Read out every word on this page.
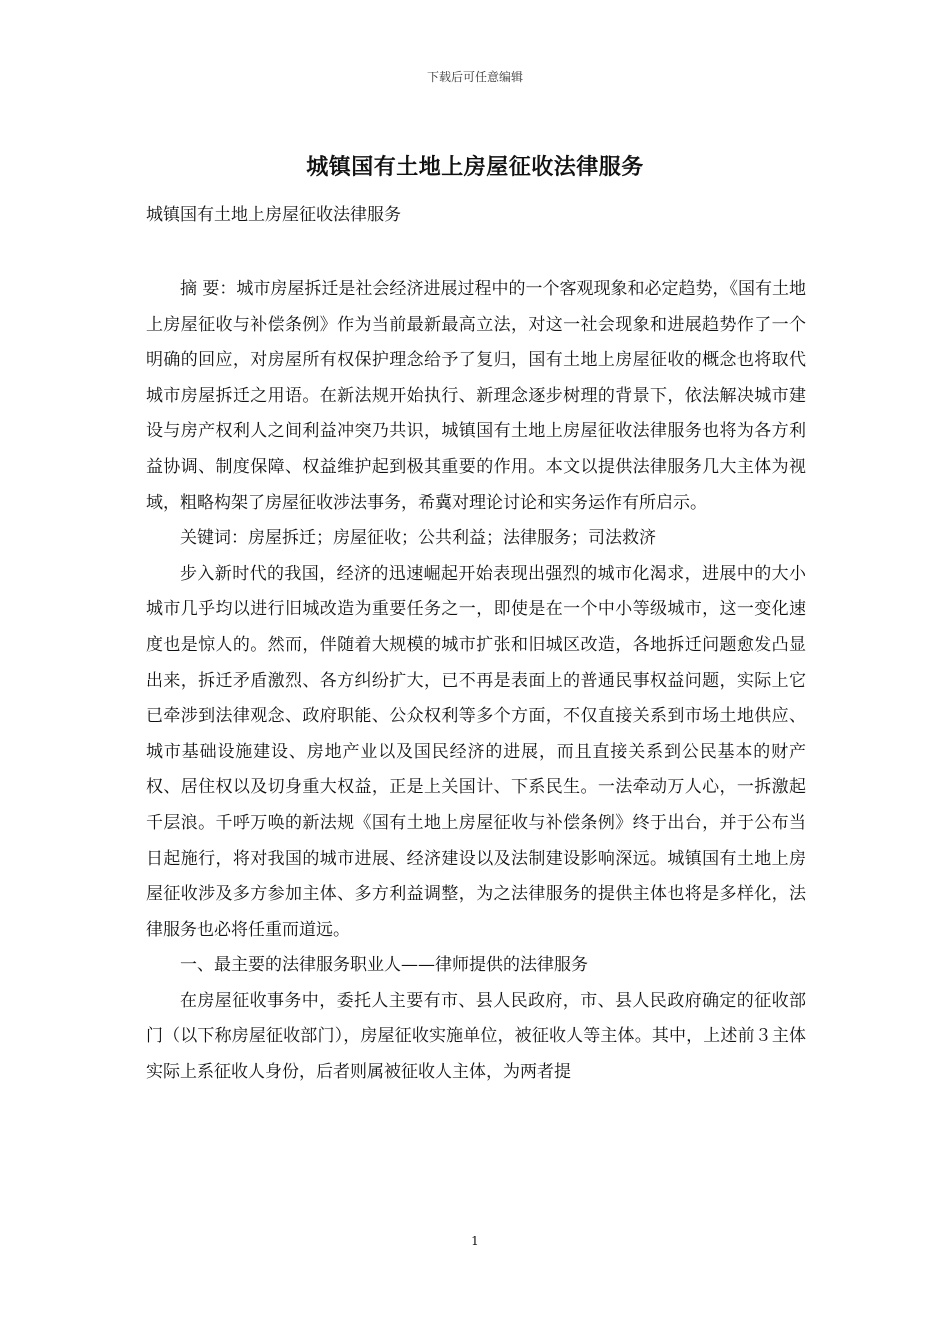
下载后可任意编辑
城镇国有土地上房屋征收法律服务
城镇国有土地上房屋征收法律服务

摘 要：城市房屋拆迁是社会经济进展过程中的一个客观现象和必定趋势，《国有土地上房屋征收与补偿条例》作为当前最新最高立法，对这一社会现象和进展趋势作了一个明确的回应，对房屋所有权保护理念给予了复归，国有土地上房屋征收的概念也将取代城市房屋拆迁之用语。在新法规开始执行、新理念逐步树理的背景下，依法解决城市建设与房产权利人之间利益冲突乃共识，城镇国有土地上房屋征收法律服务也将为各方利益协调、制度保障、权益维护起到极其重要的作用。本文以提供法律服务几大主体为视域，粗略构架了房屋征收涉法事务，希冀对理论讨论和实务运作有所启示。

关键词：房屋拆迁；房屋征收；公共利益；法律服务；司法救济

步入新时代的我国，经济的迅速崛起开始表现出强烈的城市化渴求，进展中的大小城市几乎均以进行旧城改造为重要任务之一，即使是在一个中小等级城市，这一变化速度也是惊人的。然而，伴随着大规模的城市扩张和旧城区改造，各地拆迁问题愈发凸显出来，拆迁矛盾激烈、各方纠纷扩大，已不再是表面上的普通民事权益问题，实际上它已牵涉到法律观念、政府职能、公众权利等多个方面，不仅直接关系到市场土地供应、城市基础设施建设、房地产业以及国民经济的进展，而且直接关系到公民基本的财产权、居住权以及切身重大权益，正是上关国计、下系民生。一法牵动万人心，一拆激起千层浪。千呼万唤的新法规《国有土地上房屋征收与补偿条例》终于出台，并于公布当日起施行，将对我国的城市进展、经济建设以及法制建设影响深远。城镇国有土地上房屋征收涉及多方参加主体、多方利益调整，为之法律服务的提供主体也将是多样化，法律服务也必将任重而道远。

一、最主要的法律服务职业人——律师提供的法律服务

在房屋征收事务中，委托人主要有市、县人民政府，市、县人民政府确定的征收部门（以下称房屋征收部门），房屋征收实施单位，被征收人等主体。其中，上述前３主体实际上系征收人身份，后者则属被征收人主体，为两者提

1
